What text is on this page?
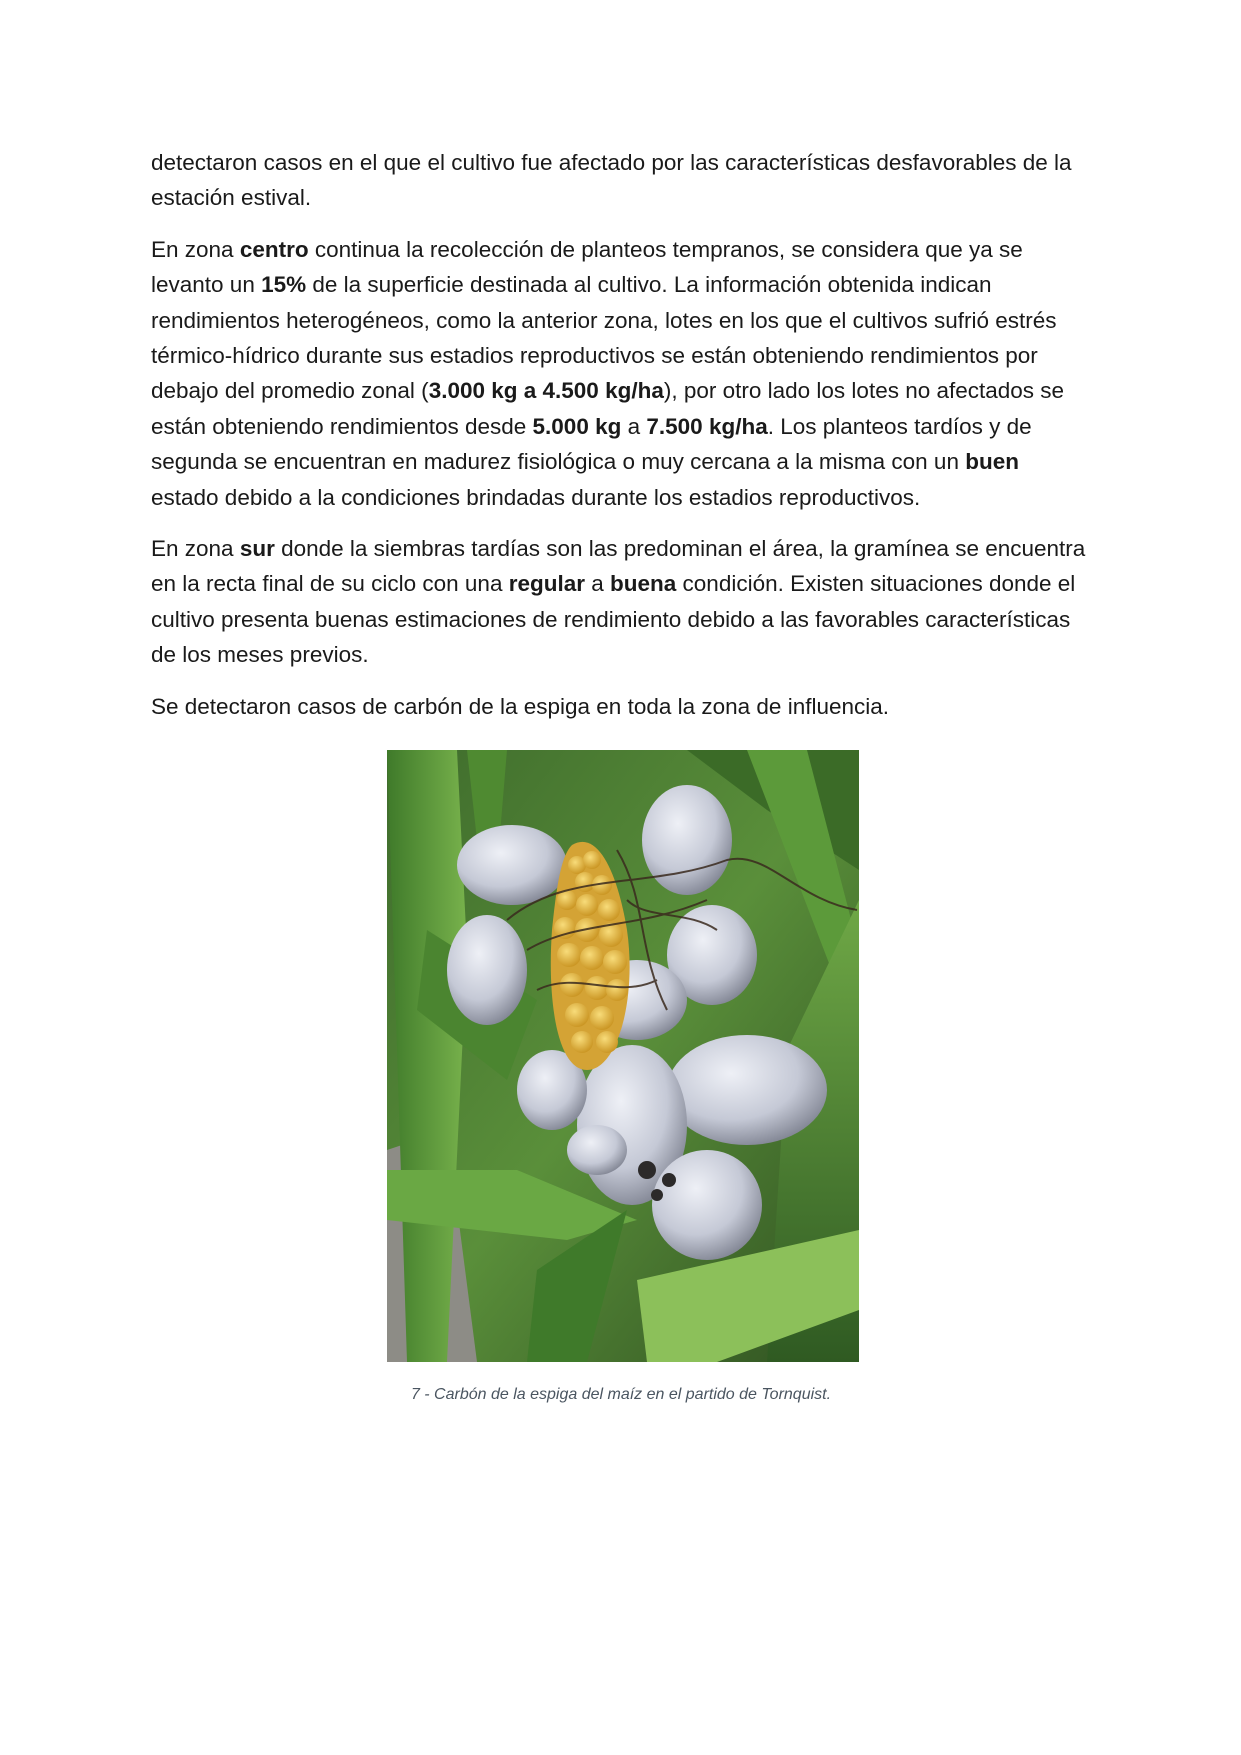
detectaron casos en el que el cultivo fue afectado por las características desfavorables de la estación estival.

En zona centro continua la recolección de planteos tempranos, se considera que ya se levanto un 15% de la superficie destinada al cultivo. La información obtenida indican rendimientos heterogéneos, como la anterior zona, lotes en los que el cultivos sufrió estrés térmico-hídrico durante sus estadios reproductivos se están obteniendo rendimientos por debajo del promedio zonal (3.000 kg a 4.500 kg/ha), por otro lado los lotes no afectados se están obteniendo rendimientos desde 5.000 kg a 7.500 kg/ha. Los planteos tardíos y de segunda se encuentran en madurez fisiológica o muy cercana a la misma con un buen estado debido a la condiciones brindadas durante los estadios reproductivos.

En zona sur donde la siembras tardías son las predominan el área, la gramínea se encuentra en la recta final de su ciclo con una regular a buena condición. Existen situaciones donde el cultivo presenta buenas estimaciones de rendimiento debido a las favorables características de los meses previos.

Se detectaron casos de carbón de la espiga en toda la zona de influencia.

7 - Carbón de la espiga del maíz en el partido de Tornquist.
